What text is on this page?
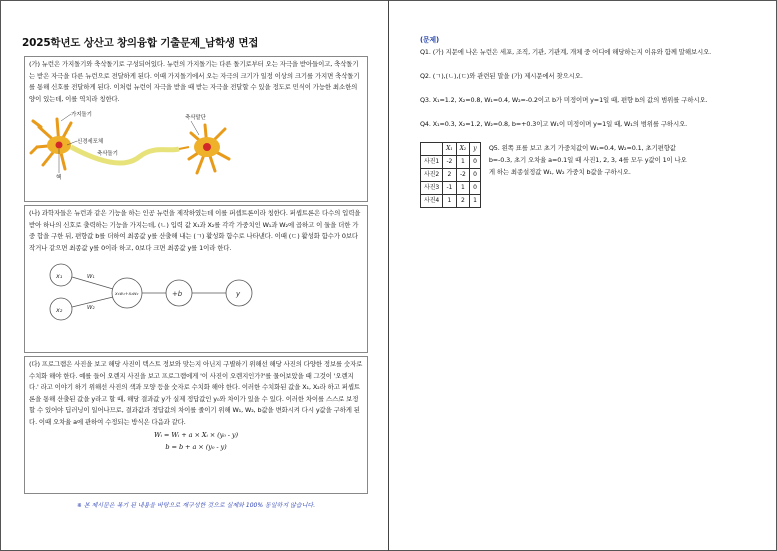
2025학년도 상산고 창의융합 기출문제_남학생 면접

(가) 뉴런은 가지돌기와 축삭돌기로 구성되어있다. 뉴런의 가지돌기는 다른 돌기로부터 오는 자극을 받아들이고, 축삭돌기는 받은 자극을 다른 뉴런으로 전달하게 된다. 이때 가지돌기에서 오는 자극의 크기가 일정 이상의 크기를 가지면 축삭돌기를 통해 신호를 전달하게 된다. 이처럼 뉴런이 자극을 받을 때 받는 자극을 전달할 수 있을 정도로 민식이 가능한 최소한의 양이 있는데, 이를 역치라 칭한다.

가지돌기	축삭말단
신경세포체
축삭돌기
핵

(나) 과학자들은 뉴런과 같은 기능을 하는 인공 뉴런을 제작하였는데 이를 퍼셉트론이라 칭한다. 퍼셉트론은 다수의 입력을 받아 하나의 신호로 출력하는 기능을 가지는데, (ㄴ) 입력 값 X₁과 X₂를 각각 가중치인 W₁과 W₂에 곱하고 이 둘을 더한 가중 합을 구한 뒤, 편향값 b를 더하여 최종값 y를 산출해 내는 (ㄱ) 활성화 함수로 나타낸다. 이때 (ㄷ) 활성화 함수가 0보다 작거나 같으면 최종값 y를 0이라 하고, 0보다 크면 최종값 y를 1이라 한다.

x₁
x₂
W₁
W₂
x₁w₁+x₂w₂	+b	y

(다) 프로그램은 사진을 보고 해당 사진이 텍스트 정보와 맞는지 아닌지 구별하기 위해선 해당 사진의 다양한 정보를 숫자로 수치화 해야 한다. 예를 들어 오렌지 사진을 보고 프로그램에게 '이 사진이 오렌지인가?'를 물어보았을 때 그것이 '오렌지다.' 라고 이야기 하기 위해선 사진의 색과 모양 등을 숫자로 수치화 해야 한다. 이러한 수치화된 값을 X₁, X₂라 하고 퍼셉트론을 통해 산출된 값을 y라고 할 때, 해당 결과값 y가 실제 정답값인 y₀와 차이가 있을 수 있다. 이러한 차이를 스스로 보정할 수 있어야 딥러닝이 일어나므로, 결과값과 정답값의 차이를 줄이기 위해 W₁, W₂, b값을 변화시켜 다시 y값을 구하게 된다. 이때 오차율 a에 관하여 수정되는 방식은 다음과 같다.

Wᵢ = Wᵢ + a × Xᵢ × (y₀ - y)
b = b + a × (y₀ - y)
※ 본 제시문은 복기 된 내용을 바탕으로 재구성한 것으로 실제와 100% 동일하지 않습니다.
(문제)

Q1. (가) 지문에 나온 뉴런은 세포, 조직, 기관, 기관계, 개체 중 어디에 해당하는지 이유와 함께 말해보시오.

Q2. (ㄱ),(ㄴ),(ㄷ)와 관련된 말을 (가) 제시문에서 찾으시오.

Q3. X₁=1.2, X₂=0.8, W₁=0.4, W₂=-0.2이고 b가 미정이며 y=1일 때, 편향 b의 값의 범위를 구하시오.

Q4. X₁=0.3, X₂=1.2, W₂=0.8, b=+0.3이고 W₁이 미정이며 y=1일 때, W₁의 범위를 구하시오.

	X₁	X₂	y
사진1	-2	1	0
사진2	2	-2	0
사진3	-1	1	0
사진4	1	2	1
Q5. 왼쪽 표를 보고 초기 가중치값이 W₁=0.4, W₂=0.1, 초기편향값 b=-0.3, 초기 오차율 a=0.1일 때 사진1, 2, 3, 4를 모두 y값이 1이 나오게 하는 최종설정값 W₁, W₂ 가중치 b값을 구하시오.
